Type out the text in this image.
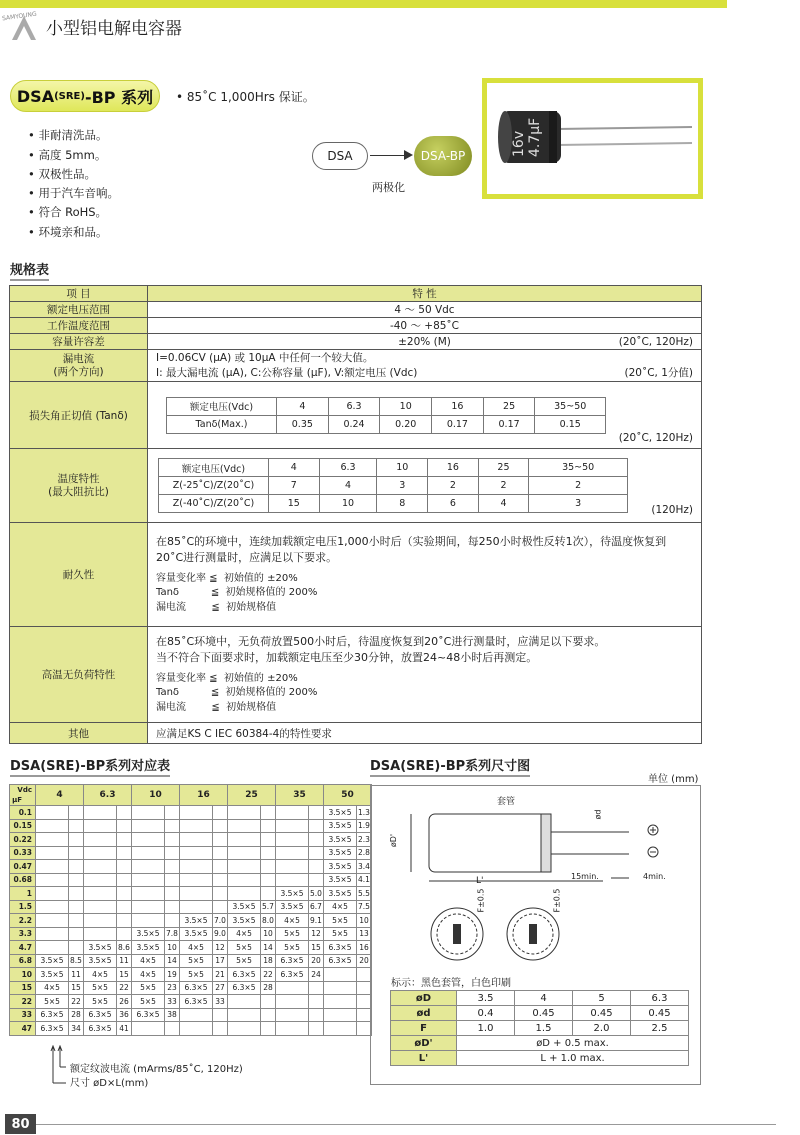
SAMYOUNG
小型铝电解电容器
DSA (SRE) -BP 系列 • 85˚C 1,000Hrs 保证。
• 非耐清洗品。
• 高度 5mm。
• 双极性品。
• 用于汽车音响。
• 符合 RoHS。
• 环境亲和品。
DSA	DSA-BP
两极化
16v 4.7µF
规格表
项 目	特 性
额定电压范围	4 ～ 50 Vdc
工作温度范围	-40 ～ +85˚C
容量许容差	±20% (M)	(20˚C, 120Hz)

漏电流
(两个方向)	
I=0.06CV (µA) 或 10µA 中任何一个较大值。
I: 最大漏电流 (µA), C:公称容量 (µF), V:额定电压 (Vdc)	(20˚C, 1分值)

损失角正切值 (Tanδ)	
额定电压(Vdc)	4	6.3	10	16	25	35~50
Tanδ(Max.)	0.35	0.24	0.20	0.17	0.17	0.15
(20˚C, 120Hz)

温度特性
(最大阻抗比)	
额定电压(Vdc)	4	6.3	10	16	25	35~50
Z(-25˚C)/Z(20˚C)	7	4	3	2	2	2
Z(-40˚C)/Z(20˚C)	15	10	8	6	4	3
(120Hz)

耐久性	
在85˚C的环境中，连续加载额定电压1,000小时后（实验期间，每250小时极性反转1次），待温度恢复到20˚C进行测量时，应满足以下要求。
容量变化率 ≦  初始值的 ±20%
Tanδ          ≦  初始规格值的 200%
漏电流        ≦  初始规格值

高温无负荷特性	
在85˚C环境中，无负荷放置500小时后，待温度恢复到20˚C进行测量时，应满足以下要求。
当不符合下面要求时，加载额定电压至少30分钟，放置24~48小时后再测定。
容量变化率 ≦  初始值的 ±20%
Tanδ          ≦  初始规格值的 200%
漏电流        ≦  初始规格值

其他	应满足KS C IEC 60384-4的特性要求
DSA(SRE)-BP系列对应表
Vdc
µF	4		6.3		10		16		25		35		50	
0.1													3.5×5	1.3
0.15													3.5×5	1.9
0.22													3.5×5	2.3
0.33													3.5×5	2.8
0.47													3.5×5	3.4
0.68													3.5×5	4.1
1											3.5×5	5.0	3.5×5	5.5
1.5									3.5×5	5.7	3.5×5	6.7	4×5	7.5
2.2							3.5×5	7.0	3.5×5	8.0	4×5	9.1	5×5	10
3.3					3.5×5	7.8	3.5×5	9.0	4×5	10	5×5	12	5×5	13
4.7			3.5×5	8.6	3.5×5	10	4×5	12	5×5	14	5×5	15	6.3×5	16
6.8	3.5×5	8.5	3.5×5	11	4×5	14	5×5	17	5×5	18	6.3×5	20	6.3×5	20
10	3.5×5	11	4×5	15	4×5	19	5×5	21	6.3×5	22	6.3×5	24		
15	4×5	15	5×5	22	5×5	23	6.3×5	27	6.3×5	28				
22	5×5	22	5×5	26	5×5	33	6.3×5	33						
33	6.3×5	28	6.3×5	36	6.3×5	38								
47	6.3×5	34	6.3×5	41										
额定纹波电流 (mArms/85˚C, 120Hz)
尺寸 øD×L(mm)
DSA(SRE)-BP系列尺寸图
单位 (mm)
套管
L'	15min.	4min.
øD'
ød
F±0.5	F±0.5
标示：黑色套管，白色印刷
øD	3.5	4	5	6.3
ød	0.4	0.45	0.45	0.45
F	1.0	1.5	2.0	2.5
øD'	øD + 0.5 max.			
L'	L + 1.0 max.			
80
